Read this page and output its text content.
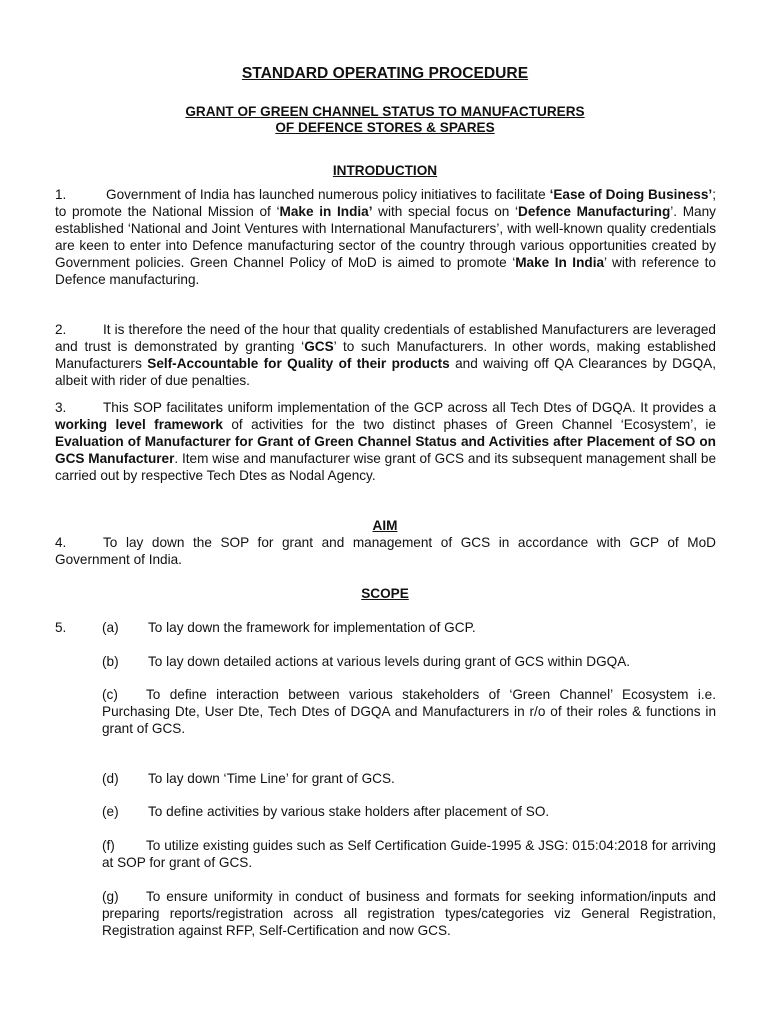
STANDARD OPERATING PROCEDURE
GRANT OF GREEN CHANNEL STATUS TO MANUFACTURERS
OF DEFENCE STORES & SPARES
INTRODUCTION

1.	Government of India has launched numerous policy initiatives to facilitate ‘Ease of Doing Business’; to promote the National Mission of ‘Make in India’ with special focus on ‘Defence Manufacturing’. Many established ‘National and Joint Ventures with International Manufacturers’, with well-known quality credentials are keen to enter into Defence manufacturing sector of the country through various opportunities created by Government policies. Green Channel Policy of MoD is aimed to promote ‘Make In India’ with reference to Defence manufacturing.

2.	It is therefore the need of the hour that quality credentials of established Manufacturers are leveraged and trust is demonstrated by granting ‘GCS’ to such Manufacturers. In other words, making established Manufacturers Self-Accountable for Quality of their products and waiving off QA Clearances by DGQA, albeit with rider of due penalties.

3.	This SOP facilitates uniform implementation of the GCP across all Tech Dtes of DGQA. It provides a working level framework of activities for the two distinct phases of Green Channel ‘Ecosystem’, ie Evaluation of Manufacturer for Grant of Green Channel Status and Activities after Placement of SO on GCS Manufacturer. Item wise and manufacturer wise grant of GCS and its subsequent management shall be carried out by respective Tech Dtes as Nodal Agency.

AIM

4.	To lay down the SOP for grant and management of GCS in accordance with GCP of MoD Government of India.

SCOPE
5.	(a) To lay down the framework for implementation of GCP.
(b) To lay down detailed actions at various levels during grant of GCS within DGQA.

(c) To define interaction between various stakeholders of ‘Green Channel’ Ecosystem i.e. Purchasing Dte, User Dte, Tech Dtes of DGQA and Manufacturers in r/o of their roles & functions in grant of GCS.

(d) To lay down ‘Time Line’ for grant of GCS.
(e) To define activities by various stake holders after placement of SO.

(f) To utilize existing guides such as Self Certification Guide-1995 & JSG: 015:04:2018 for arriving at SOP for grant of GCS.

(g) To ensure uniformity in conduct of business and formats for seeking information/inputs and preparing reports/registration across all registration types/categories viz General Registration, Registration against RFP, Self-Certification and now GCS.
